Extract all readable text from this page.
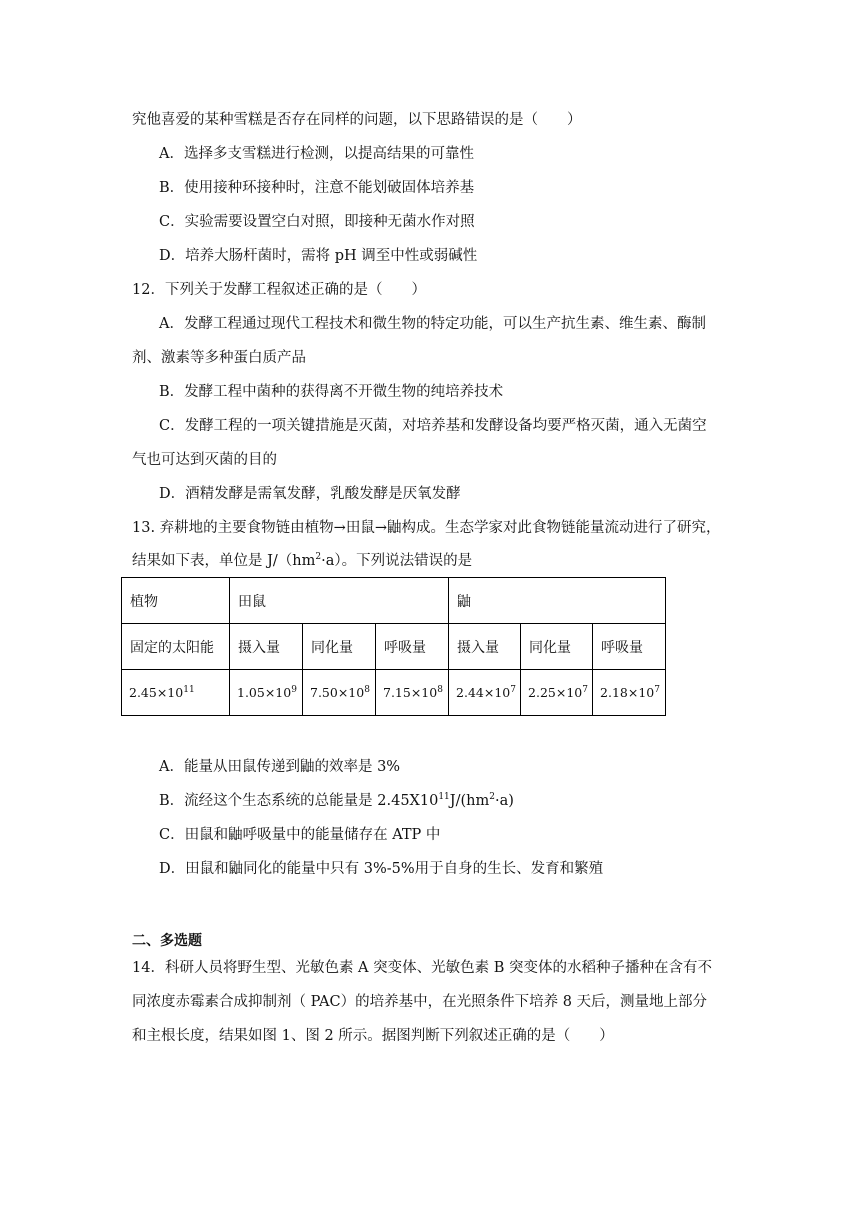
究他喜爱的某种雪糕是否存在同样的问题，以下思路错误的是（　　）
A．选择多支雪糕进行检测，以提高结果的可靠性
B．使用接种环接种时，注意不能划破固体培养基
C．实验需要设置空白对照，即接种无菌水作对照
D．培养大肠杆菌时，需将 pH 调至中性或弱碱性
12．下列关于发酵工程叙述正确的是（　　）
A．发酵工程通过现代工程技术和微生物的特定功能，可以生产抗生素、维生素、酶制
剂、激素等多种蛋白质产品
B．发酵工程中菌种的获得离不开微生物的纯培养技术
C．发酵工程的一项关键措施是灭菌，对培养基和发酵设备均要严格灭菌，通入无菌空
气也可达到灭菌的目的
D．酒精发酵是需氧发酵，乳酸发酵是厌氧发酵
13. 弃耕地的主要食物链由植物→田鼠→鼬构成。生态学家对此食物链能量流动进行了研究，
结果如下表，单位是 $J/(hm^2\cdot a)$。下列说法错误的是
植物	田鼠			鼬		
固定的太阳能	摄入量	同化量	呼吸量	摄入量	同化量	呼吸量
$2.45\times 10^{11}$	$1.05\times 10^9$	$7.50\times 10^8$	$7.15\times 10^8$	$2.44\times 10^7$	$2.25\times 10^7$	$2.18\times 10^7$
A．能量从田鼠传递到鼬的效率是 3%
B．流经这个生态系统的总能量是 $2.45X10^{11}J/(hm^2\cdot a)$
C．田鼠和鼬呼吸量中的能量储存在 ATP 中
D．田鼠和鼬同化的能量中只有 3%-5%用于自身的生长、发育和繁殖
二、多选题
14．科研人员将野生型、光敏色素 A 突变体、光敏色素 B 突变体的水稻种子播种在含有不
同浓度赤霉素合成抑制剂（ PAC）的培养基中，在光照条件下培养 8 天后，测量地上部分
和主根长度，结果如图 1、图 2 所示。据图判断下列叙述正确的是（　　）
